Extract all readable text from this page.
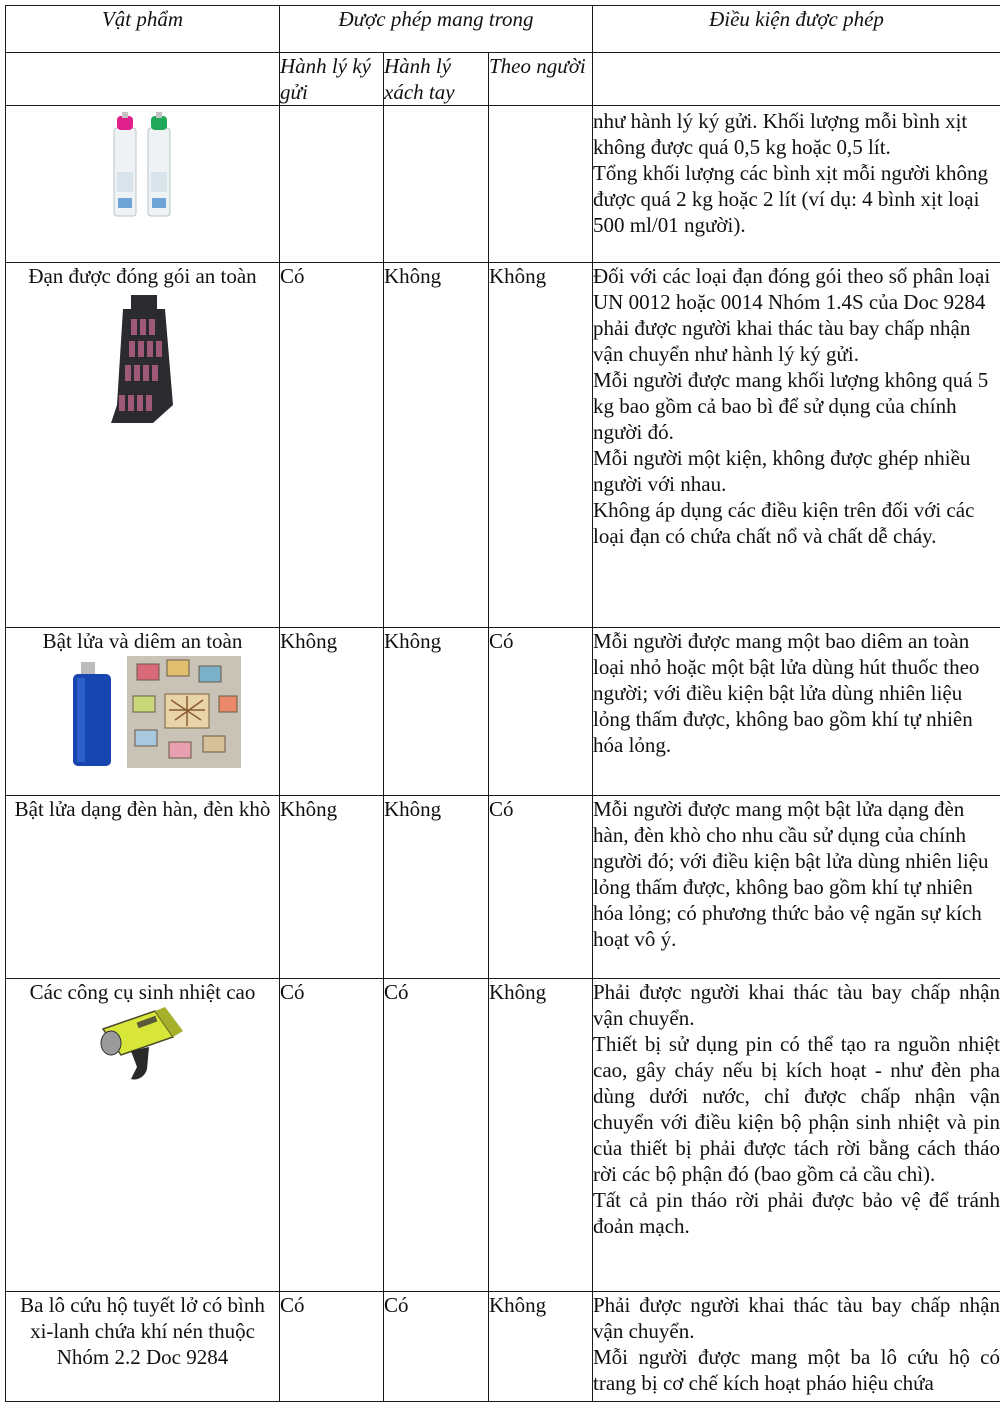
Vật phẩm	Được phép mang trong			Điều kiện được phép
	Hành lý ký gửi	Hành lý xách tay	Theo người	

như hành lý ký gửi. Khối lượng mỗi bình xịt không được quá 0,5 kg hoặc 0,5 lít.

Tổng khối lượng các bình xịt mỗi người không được quá 2 kg hoặc 2 lít (ví dụ: 4 bình xịt loại 500 ml/01 người).

Đạn được đóng gói an toàn	Có	Không	Không	Đối với các loại đạn đóng gói theo số phân loại UN 0012 hoặc 0014 Nhóm 1.4S của Doc 9284 phải được người khai thác tàu bay chấp nhận vận chuyển như hành lý ký gửi.

Mỗi người được mang khối lượng không quá 5 kg bao gồm cả bao bì để sử dụng của chính người đó.

Mỗi người một kiện, không được ghép nhiều người với nhau.

Không áp dụng các điều kiện trên đối với các loại đạn có chứa chất nổ và chất dễ cháy.

Bật lửa và diêm an toàn	Không	Không	Có	Mỗi người được mang một bao diêm an toàn loại nhỏ hoặc một bật lửa dùng hút thuốc theo người; với điều kiện bật lửa dùng nhiên liệu lỏng thấm được, không bao gồm khí tự nhiên hóa lỏng.

Bật lửa dạng đèn hàn, đèn khò	Không	Không	Có	Mỗi người được mang một bật lửa dạng đèn hàn, đèn khò cho nhu cầu sử dụng của chính người đó; với điều kiện bật lửa dùng nhiên liệu lỏng thấm được, không bao gồm khí tự nhiên hóa lỏng; có phương thức bảo vệ ngăn sự kích hoạt vô ý.

Các công cụ sinh nhiệt cao	Có	Có	Không	Phải được người khai thác tàu bay chấp nhận vận chuyển.

Thiết bị sử dụng pin có thể tạo ra nguồn nhiệt cao, gây cháy nếu bị kích hoạt - như đèn pha dùng dưới nước, chỉ được chấp nhận vận chuyển với điều kiện bộ phận sinh nhiệt và pin của thiết bị phải được tách rời bằng cách tháo rời các bộ phận đó (bao gồm cả cầu chì).

Tất cả pin tháo rời phải được bảo vệ để tránh đoản mạch.

Ba lô cứu hộ tuyết lở có bình xi-lanh chứa khí nén thuộc Nhóm 2.2 Doc 9284	Có	Có	Không	Phải được người khai thác tàu bay chấp nhận vận chuyển.

Mỗi người được mang một ba lô cứu hộ có trang bị cơ chế kích hoạt pháo hiệu chứa
